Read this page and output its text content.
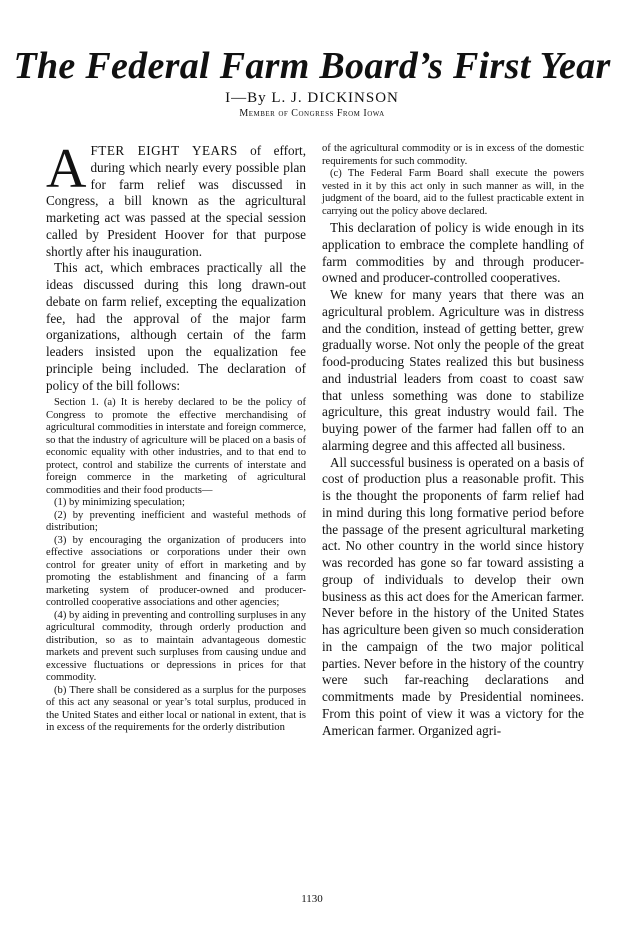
The Federal Farm Board’s First Year
I—By L. J. DICKINSON
Member of Congress From Iowa

AFTER EIGHT YEARS of effort, during which nearly every possible plan for farm relief was discussed in Congress, a bill known as the agricultural marketing act was passed at the special session called by President Hoover for that purpose shortly after his inauguration.

This act, which embraces practically all the ideas discussed during this long drawn-out debate on farm relief, excepting the equalization fee, had the approval of the major farm organizations, although certain of the farm leaders insisted upon the equalization fee principle being included. The declaration of policy of the bill follows:

Section 1. (a) It is hereby declared to be the policy of Congress to promote the effective merchandising of agricultural commodities in interstate and foreign commerce, so that the industry of agriculture will be placed on a basis of economic equality with other industries, and to that end to protect, control and stabilize the currents of interstate and foreign commerce in the marketing of agricultural commodities and their food products—

(1) by minimizing speculation;

(2) by preventing inefficient and wasteful methods of distribution;

(3) by encouraging the organization of producers into effective associations or corporations under their own control for greater unity of effort in marketing and by promoting the establishment and financing of a farm marketing system of producer-owned and producer-controlled cooperative associations and other agencies;

(4) by aiding in preventing and controlling surpluses in any agricultural commodity, through orderly production and distribution, so as to maintain advantageous domestic markets and prevent such surpluses from causing undue and excessive fluctuations or depressions in prices for that commodity.

(b) There shall be considered as a surplus for the purposes of this act any seasonal or year’s total surplus, produced in the United States and either local or national in extent, that is in excess of the requirements for the orderly distribution

of the agricultural commodity or is in excess of the domestic requirements for such commodity.

(c) The Federal Farm Board shall execute the powers vested in it by this act only in such manner as will, in the judgment of the board, aid to the fullest practicable extent in carrying out the policy above declared.

This declaration of policy is wide enough in its application to embrace the complete handling of farm commodities by and through producer-owned and producer-controlled cooperatives.

We knew for many years that there was an agricultural problem. Agriculture was in distress and the condition, instead of getting better, grew gradually worse. Not only the people of the great food-producing States realized this but business and industrial leaders from coast to coast saw that unless something was done to stabilize agriculture, this great industry would fail. The buying power of the farmer had fallen off to an alarming degree and this affected all business.

All successful business is operated on a basis of cost of production plus a reasonable profit. This is the thought the proponents of farm relief had in mind during this long formative period before the passage of the present agricultural marketing act. No other country in the world since history was recorded has gone so far toward assisting a group of individuals to develop their own business as this act does for the American farmer. Never before in the history of the United States has agriculture been given so much consideration in the campaign of the two major political parties. Never before in the history of the country were such far-reaching declarations and commitments made by Presidential nominees. From this point of view it was a victory for the American farmer. Organized agri-

1130
